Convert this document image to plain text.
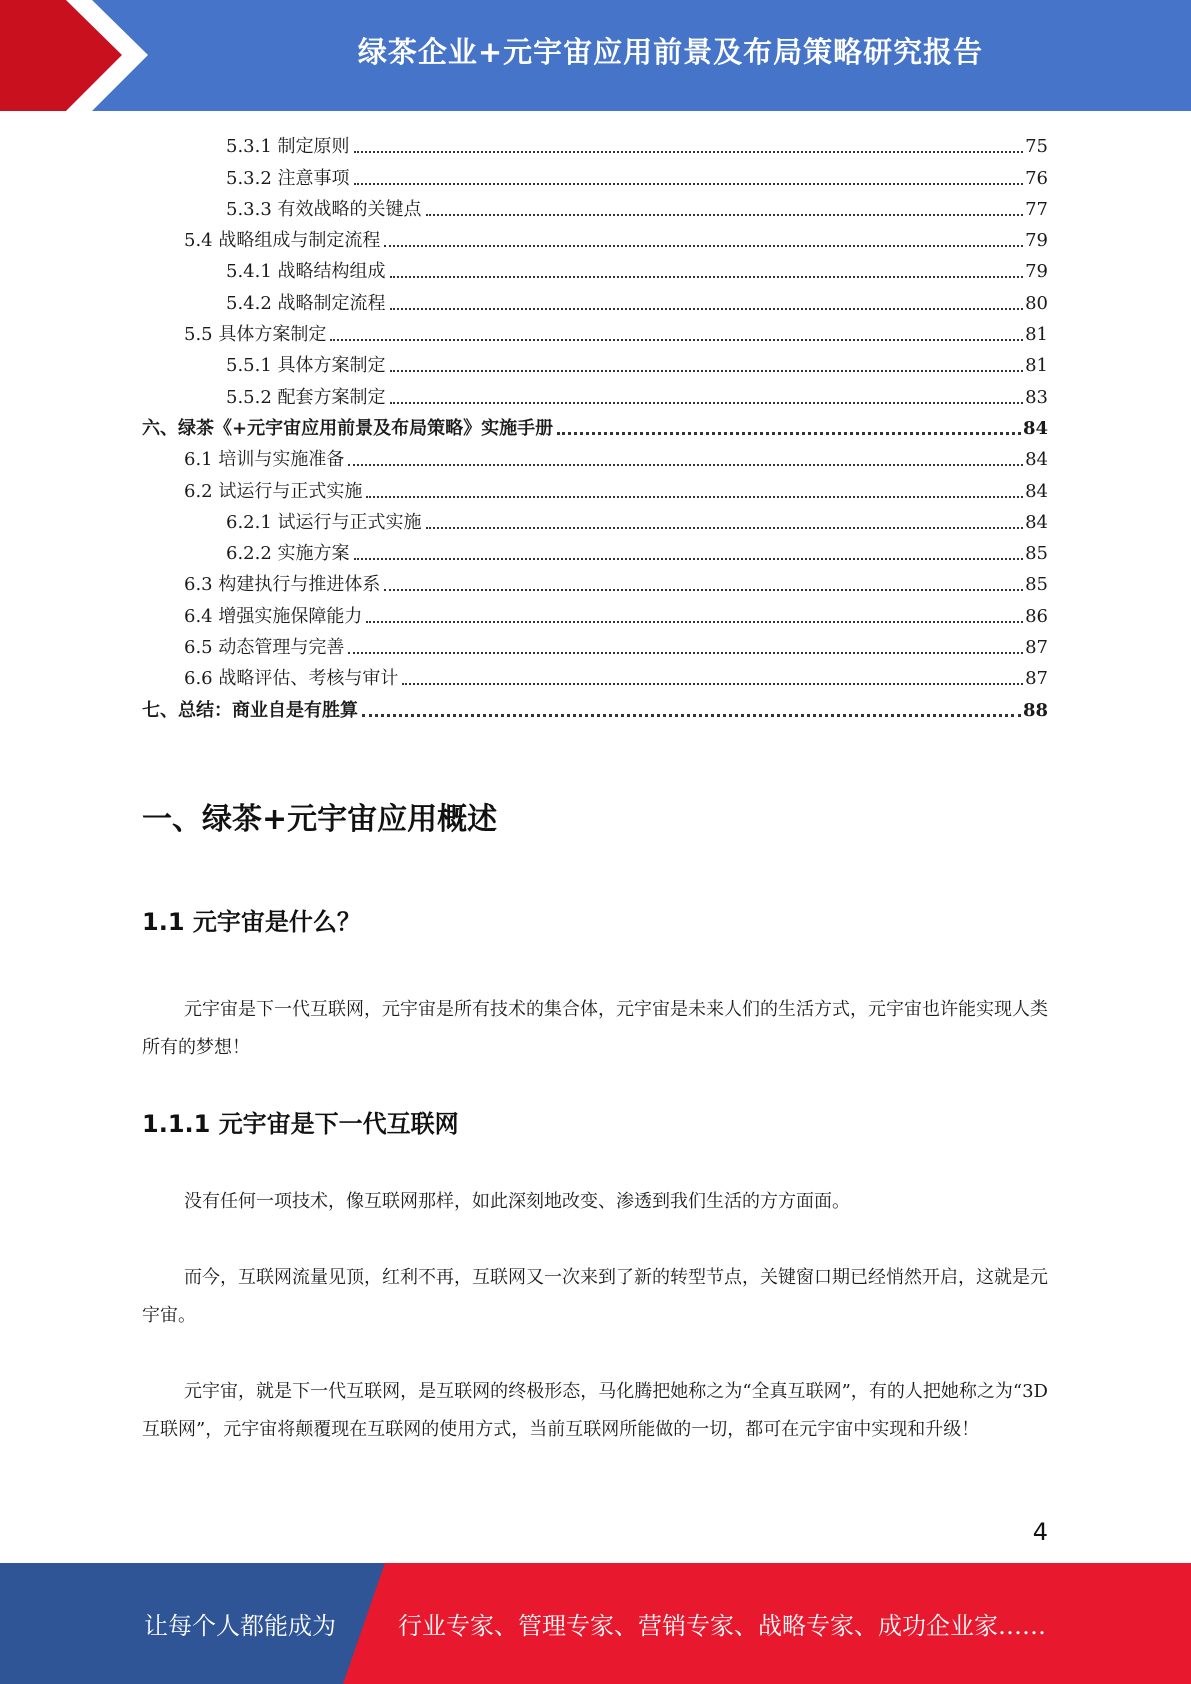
绿茶企业+元宇宙应用前景及布局策略研究报告
5.3.1 制定原则	75
5.3.2 注意事项	76
5.3.3 有效战略的关键点	77
5.4 战略组成与制定流程	79
5.4.1 战略结构组成	79
5.4.2 战略制定流程	80
5.5 具体方案制定	81
5.5.1 具体方案制定	81
5.5.2 配套方案制定	83
六、绿茶《+元宇宙应用前景及布局策略》实施手册	84
6.1 培训与实施准备	84
6.2 试运行与正式实施	84
6.2.1 试运行与正式实施	84
6.2.2 实施方案	85
6.3 构建执行与推进体系	85
6.4 增强实施保障能力	86
6.5 动态管理与完善	87
6.6 战略评估、考核与审计	87
七、总结：商业自是有胜算	88
一、绿茶+元宇宙应用概述
1.1 元宇宙是什么？

元宇宙是下一代互联网，元宇宙是所有技术的集合体，元宇宙是未来人们的生活方式，元宇宙也许能实现人类所有的梦想！

1.1.1 元宇宙是下一代互联网

没有任何一项技术，像互联网那样，如此深刻地改变、渗透到我们生活的方方面面。

而今，互联网流量见顶，红利不再，互联网又一次来到了新的转型节点，关键窗口期已经悄然开启，这就是元宇宙。

元宇宙，就是下一代互联网，是互联网的终极形态，马化腾把她称之为“全真互联网”，有的人把她称之为“3D 互联网”，元宇宙将颠覆现在互联网的使用方式，当前互联网所能做的一切，都可在元宇宙中实现和升级！

4
让每个人都能成为	行业专家、管理专家、营销专家、战略专家、成功企业家……
